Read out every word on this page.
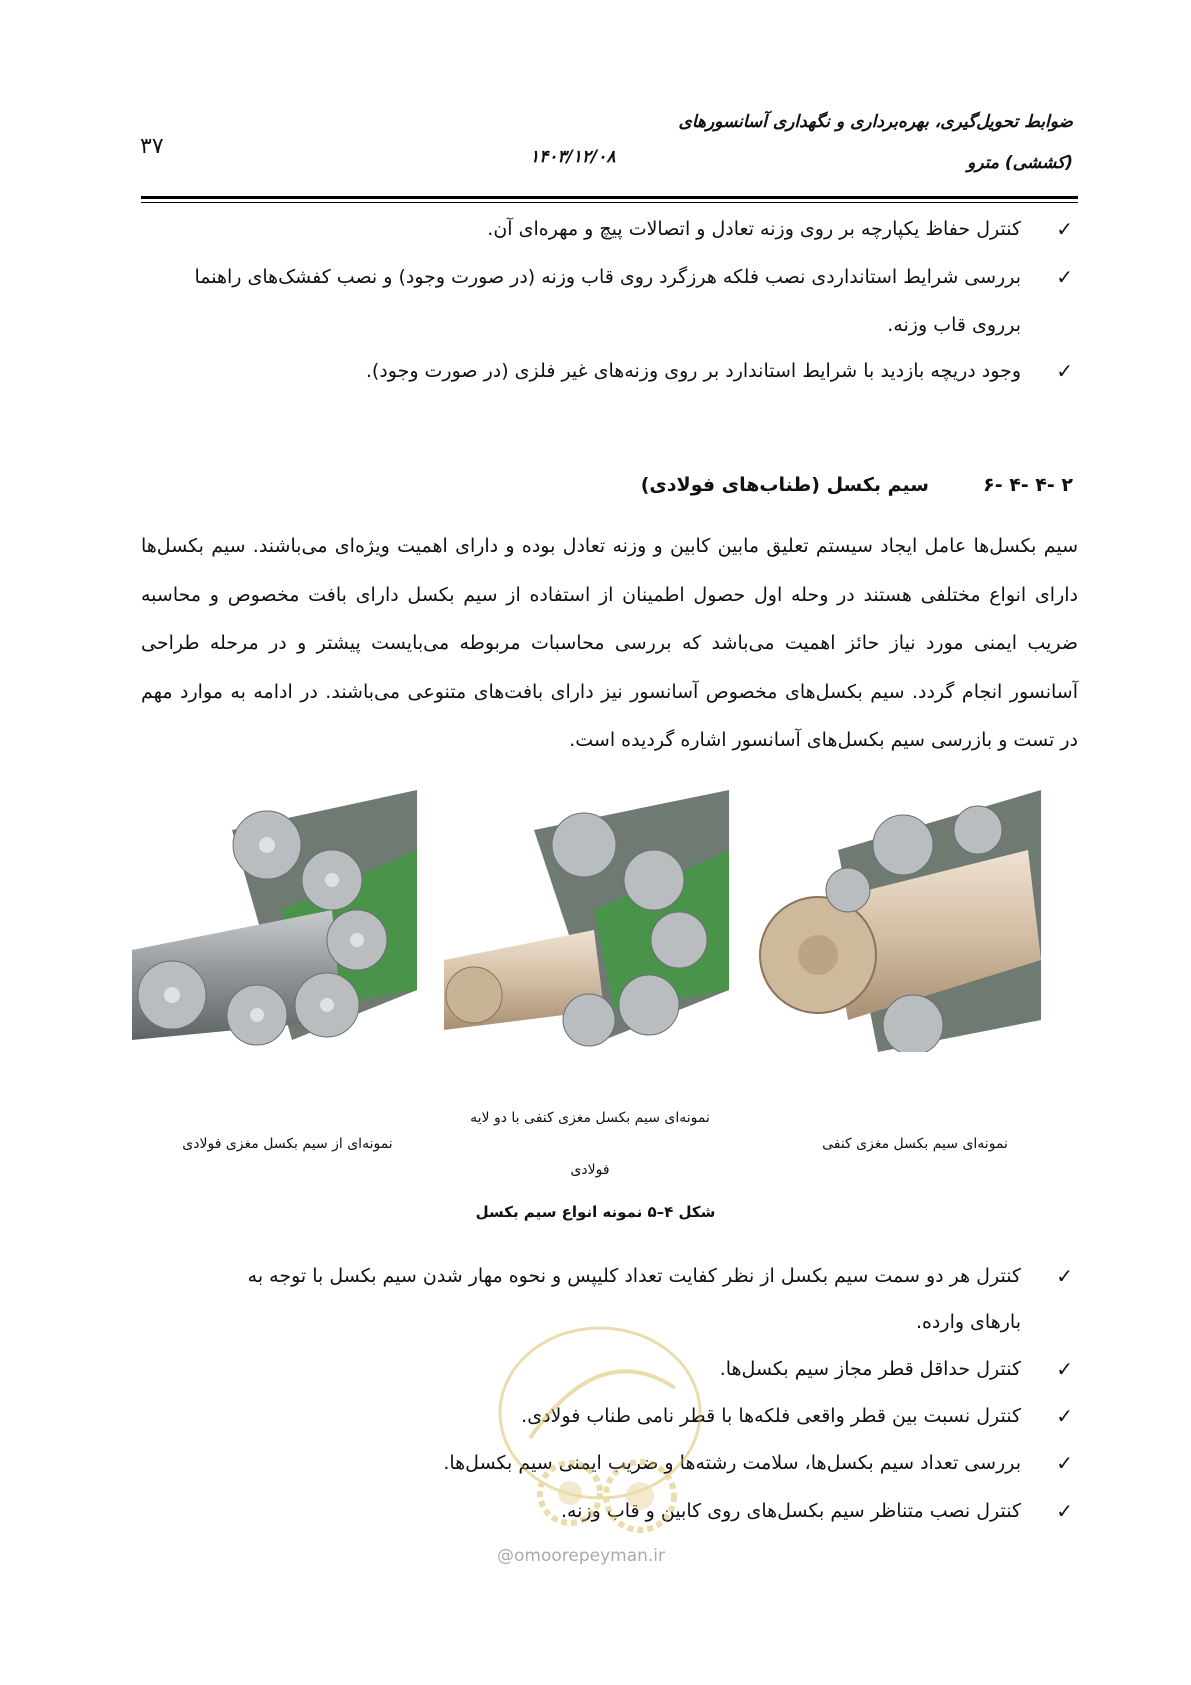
ضوابط تحویل‌گیری، بهره‌برداری و نگهداری آسانسورهای
(کششی) مترو
۱۴۰۳/۱۲/۰۸
۳۷
✓
کنترل حفاظ یکپارچه بر روی وزنه تعادل و اتصالات پیچ و مهره‌ای آن.
✓
بررسی شرایط استانداردی نصب فلکه هرزگرد روی قاب وزنه (در صورت وجود) و نصب کفشک‌های راهنما
برروی قاب وزنه.
✓
وجود دریچه بازدید با شرایط استاندارد بر روی وزنه‌های غیر فلزی (در صورت وجود).
۶- ۴- ۴- ۲
سیم بکسل (طناب‌های فولادی)
سیم بکسل‌ها عامل ایجاد سیستم تعلیق مابین کابین و وزنه تعادل بوده و دارای اهمیت ویژه‌ای می‌باشند. سیم بکسل‌ها دارای انواع مختلفی هستند در وحله اول حصول اطمینان از استفاده از سیم بکسل دارای بافت مخصوص و محاسبه ضریب ایمنی مورد نیاز حائز اهمیت می‌باشد که بررسی محاسبات مربوطه می‌بایست پیشتر و در مرحله طراحی آسانسور انجام گردد. سیم بکسل‌های مخصوص آسانسور نیز دارای بافت‌های متنوعی می‌باشند. در ادامه به موارد مهم در تست و بازرسی سیم بکسل‌های آسانسور اشاره گردیده است.
نمونه‌ای از سیم بکسل مغزی فولادی
نمونه‌ای سیم بکسل مغزی کنفی با دو لایه
فولادی
نمونه‌ای سیم بکسل مغزی کنفی
شکل ۴–۵ نمونه انواع سیم بکسل
✓
کنترل هر دو سمت سیم بکسل از نظر کفایت تعداد کلیپس و نحوه مهار شدن سیم بکسل با توجه به
بارهای وارده.
✓
کنترل حداقل قطر مجاز سیم بکسل‌ها.
✓
کنترل نسبت بین قطر واقعی فلکه‌ها با قطر نامی طناب فولادی.
✓
بررسی تعداد سیم بکسل‌ها، سلامت رشته‌ها و ضریب ایمنی سیم بکسل‌ها.
✓
کنترل نصب متناظر سیم بکسل‌های روی کابین و قاب وزنه.
@omoorepeyman.ir
